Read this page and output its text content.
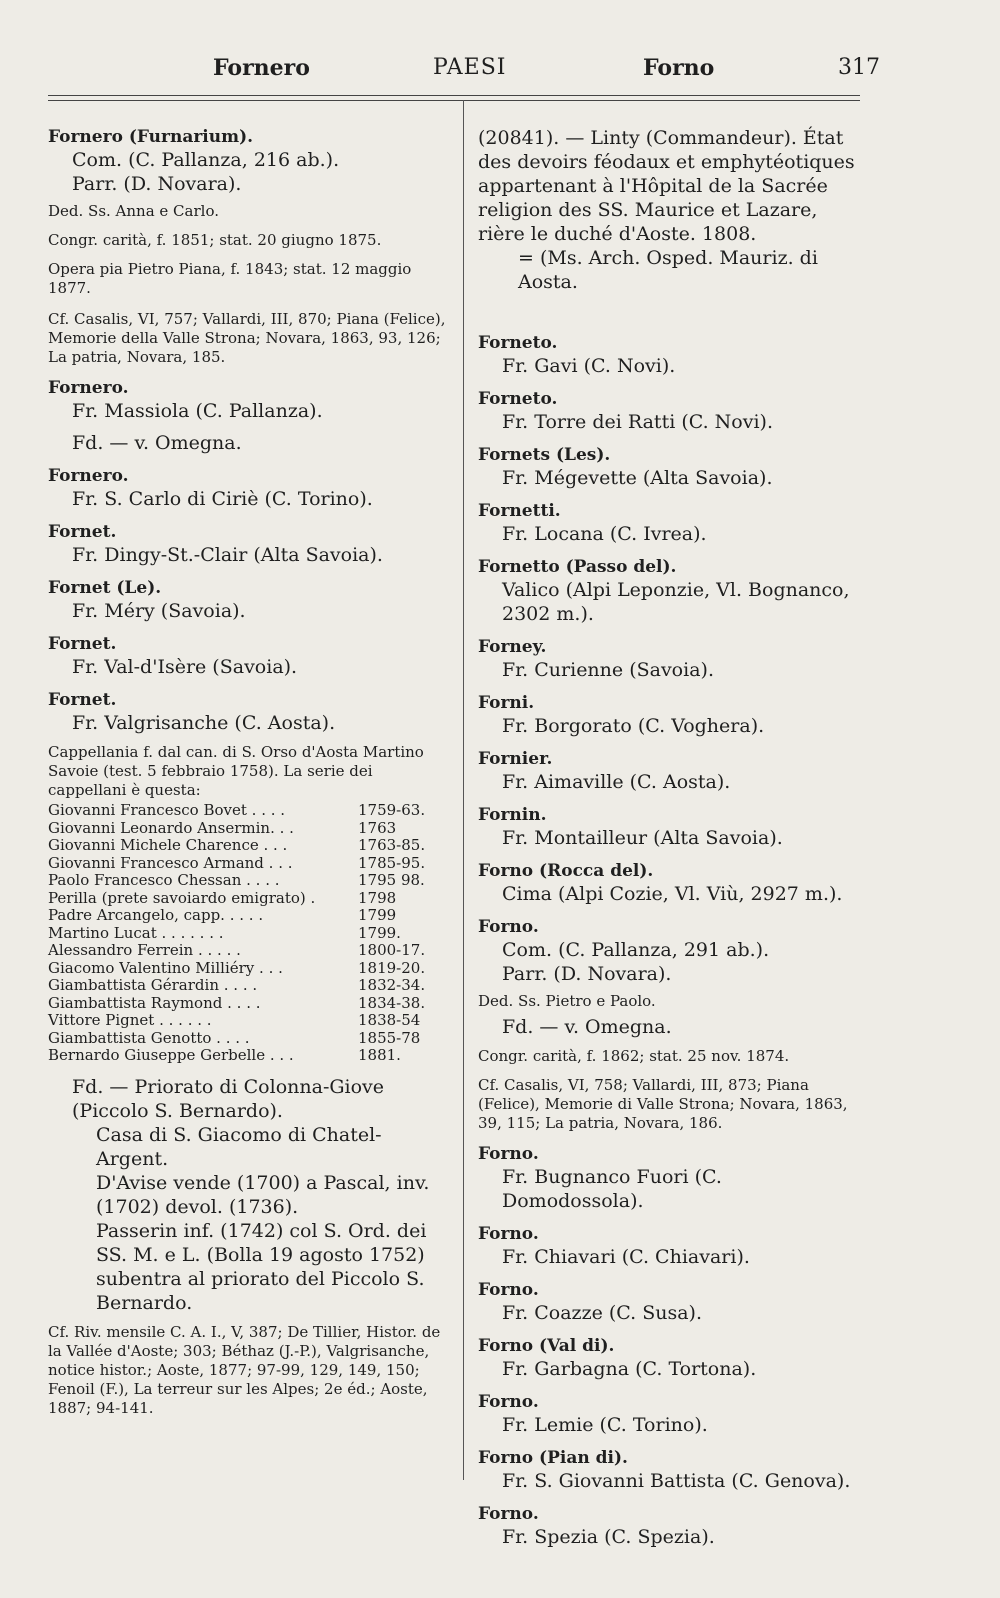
Fornero	PAESI	Forno	317
Fornero (Furnarium).
Com. (C. Pallanza, 216 ab.).
Parr. (D. Novara).
Ded. Ss. Anna e Carlo.
Congr. carità, f. 1851; stat. 20 giugno 1875.
Opera pia Pietro Piana, f. 1843; stat. 12 maggio 1877.
Cf. Casalis, VI, 757; Vallardi, III, 870; Piana (Felice), Memorie della Valle Strona; Novara, 1863, 93, 126; La patria, Novara, 185.
Fornero.
Fr. Massiola (C. Pallanza).
Fd. — v. Omegna.
Fornero.
Fr. S. Carlo di Ciriè (C. Torino).
Fornet.
Fr. Dingy-St.-Clair (Alta Savoia).
Fornet (Le).
Fr. Méry (Savoia).
Fornet.
Fr. Val-d'Isère (Savoia).
Fornet.
Fr. Valgrisanche (C. Aosta).
Cappellania f. dal can. di S. Orso d'Aosta Martino Savoie (test. 5 febbraio 1758). La serie dei cappellani è questa:
Giovanni Francesco Bovet . . . .	1759-63.
Giovanni Leonardo Ansermin. . .	1763
Giovanni Michele Charence . . .	1763-85.
Giovanni Francesco Armand . . .	1785-95.
Paolo Francesco Chessan . . . .	1795 98.
Perilla (prete savoiardo emigrato) .	1798
Padre Arcangelo, capp. . . . .	1799
Martino Lucat . . . . . . .	1799.
Alessandro Ferrein . . . . .	1800-17.
Giacomo Valentino Milliéry . . .	1819-20.
Giambattista Gérardin . . . .	1832-34.
Giambattista Raymond . . . .	1834-38.
Vittore Pignet . . . . . .	1838-54
Giambattista Genotto . . . .	1855-78
Bernardo Giuseppe Gerbelle . . .	1881.
Fd. — Priorato di Colonna-Giove (Piccolo S. Bernardo).
Casa di S. Giacomo di Chatel-Argent.
D'Avise vende (1700) a Pascal, inv. (1702) devol. (1736).
Passerin inf. (1742) col S. Ord. dei SS. M. e L. (Bolla 19 agosto 1752) subentra al priorato del Piccolo S. Bernardo.
Cf. Riv. mensile C. A. I., V, 387; De Tillier, Histor. de la Vallée d'Aoste; 303; Béthaz (J.-P.), Valgrisanche, notice histor.; Aoste, 1877; 97-99, 129, 149, 150; Fenoil (F.), La terreur sur les Alpes; 2e éd.; Aoste, 1887; 94-141.
(20841). — Linty (Commandeur). État des devoirs féodaux et emphytéotiques appartenant à l'Hôpital de la Sacrée religion des SS. Maurice et Lazare, rière le duché d'Aoste. 1808.
= (Ms. Arch. Osped. Mauriz. di Aosta.
Forneto.
Fr. Gavi (C. Novi).
Forneto.
Fr. Torre dei Ratti (C. Novi).
Fornets (Les).
Fr. Mégevette (Alta Savoia).
Fornetti.
Fr. Locana (C. Ivrea).
Fornetto (Passo del).
Valico (Alpi Leponzie, Vl. Bognanco, 2302 m.).
Forney.
Fr. Curienne (Savoia).
Forni.
Fr. Borgorato (C. Voghera).
Fornier.
Fr. Aimaville (C. Aosta).
Fornin.
Fr. Montailleur (Alta Savoia).
Forno (Rocca del).
Cima (Alpi Cozie, Vl. Viù, 2927 m.).
Forno.
Com. (C. Pallanza, 291 ab.).
Parr. (D. Novara).
Ded. Ss. Pietro e Paolo.
Fd. — v. Omegna.
Congr. carità, f. 1862; stat. 25 nov. 1874.
Cf. Casalis, VI, 758; Vallardi, III, 873; Piana (Felice), Memorie di Valle Strona; Novara, 1863, 39, 115; La patria, Novara, 186.
Forno.
Fr. Bugnanco Fuori (C. Domodossola).
Forno.
Fr. Chiavari (C. Chiavari).
Forno.
Fr. Coazze (C. Susa).
Forno (Val di).
Fr. Garbagna (C. Tortona).
Forno.
Fr. Lemie (C. Torino).
Forno (Pian di).
Fr. S. Giovanni Battista (C. Genova).
Forno.
Fr. Spezia (C. Spezia).
